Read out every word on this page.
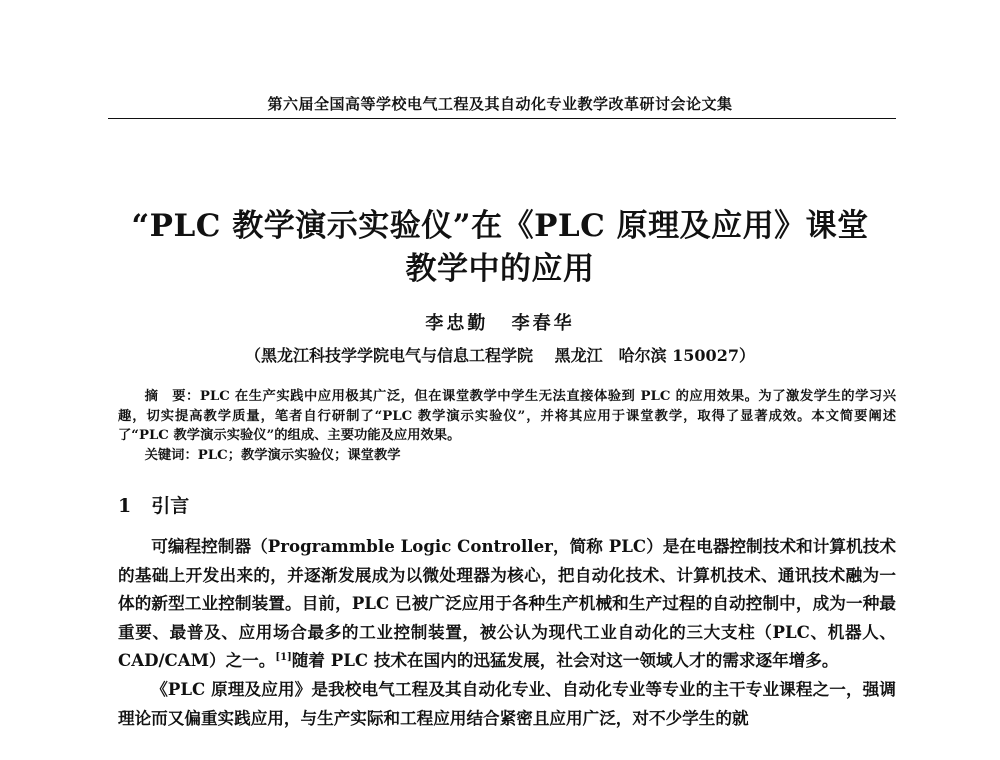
第六届全国高等学校电气工程及其自动化专业教学改革研讨会论文集
“PLC 教学演示实验仪”在《PLC 原理及应用》课堂
教学中的应用
李忠勤 李春华
（黑龙江科技学学院电气与信息工程学院　 黑龙江　哈尔滨 150027）

摘　要：PLC 在生产实践中应用极其广泛，但在课堂教学中学生无法直接体验到 PLC 的应用效果。为了激发学生的学习兴趣，切实提高教学质量，笔者自行研制了“PLC 教学演示实验仪”，并将其应用于课堂教学，取得了显著成效。本文简要阐述了“PLC 教学演示实验仪”的组成、主要功能及应用效果。

关键词：PLC；教学演示实验仪；课堂教学

1 引言

可编程控制器（Programmble Logic Controller，简称 PLC）是在电器控制技术和计算机技术的基础上开发出来的，并逐渐发展成为以微处理器为核心，把自动化技术、计算机技术、通讯技术融为一体的新型工业控制装置。目前，PLC 已被广泛应用于各种生产机械和生产过程的自动控制中，成为一种最重要、最普及、应用场合最多的工业控制装置，被公认为现代工业自动化的三大支柱（PLC、机器人、CAD/CAM）之一。[1]随着 PLC 技术在国内的迅猛发展，社会对这一领域人才的需求逐年增多。

《PLC 原理及应用》是我校电气工程及其自动化专业、自动化专业等专业的主干专业课程之一，强调理论而又偏重实践应用，与生产实际和工程应用结合紧密且应用广泛，对不少学生的就
